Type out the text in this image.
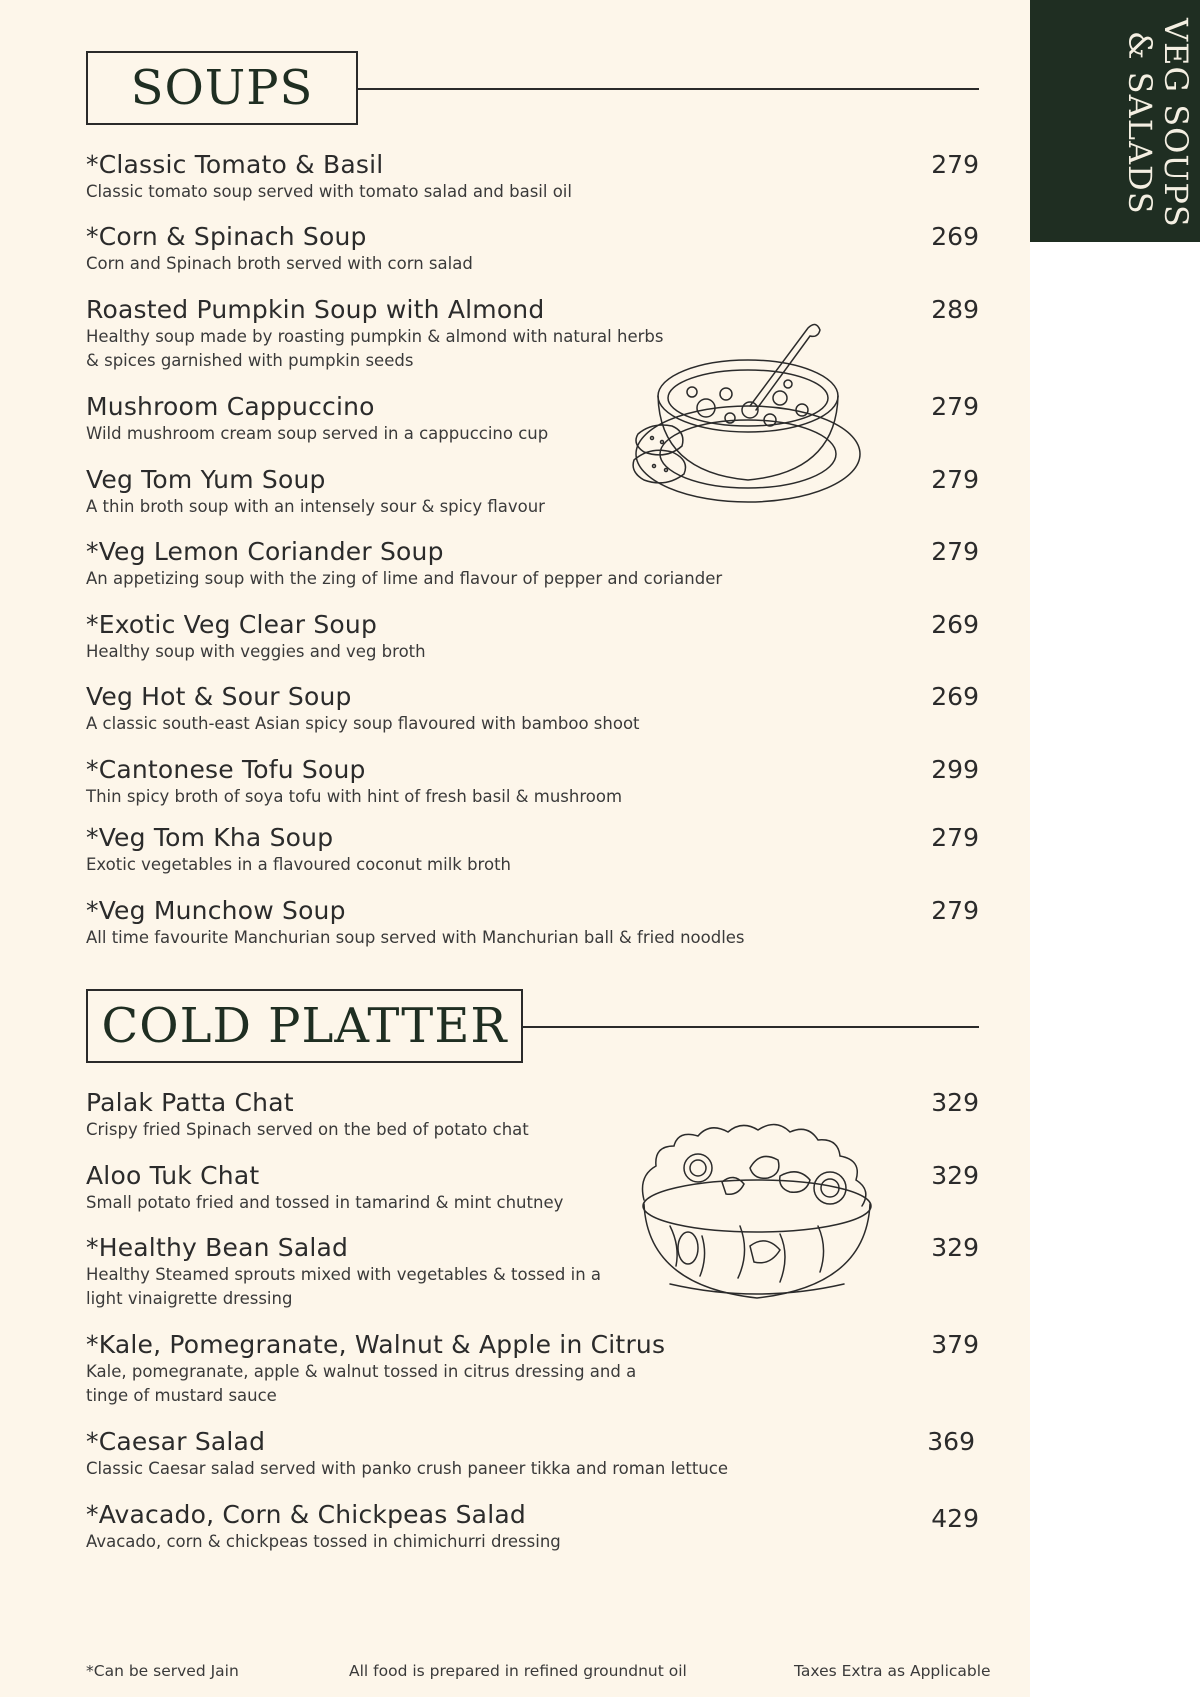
VEG SOUPS
& SALADS
SOUPS
*Classic Tomato & Basil
Classic tomato soup served with tomato salad and basil oil
279
*Corn & Spinach Soup
Corn and Spinach broth served with corn salad
269
Roasted Pumpkin Soup with Almond
Healthy soup made by roasting pumpkin & almond with natural herbs
& spices garnished with pumpkin seeds
289
Mushroom Cappuccino
Wild mushroom cream soup served in a cappuccino cup
279
Veg Tom Yum Soup
A thin broth soup with an intensely sour & spicy flavour
279
*Veg Lemon Coriander Soup
An appetizing soup with the zing of lime and flavour of pepper and coriander
279
*Exotic Veg Clear Soup
Healthy soup with veggies and veg broth
269
Veg Hot & Sour Soup
A classic south-east Asian spicy soup flavoured with bamboo shoot
269
*Cantonese Tofu Soup
Thin spicy broth of soya tofu with hint of fresh basil & mushroom
299
*Veg Tom Kha Soup
Exotic vegetables in a flavoured coconut milk broth
279
*Veg Munchow Soup
All time favourite Manchurian soup served with Manchurian ball & fried noodles
279
COLD PLATTER
Palak Patta Chat
Crispy fried Spinach served on the bed of potato chat
329
Aloo Tuk Chat
Small potato fried and tossed in tamarind & mint chutney
329
*Healthy Bean Salad
Healthy Steamed sprouts mixed with vegetables & tossed in a
light vinaigrette dressing
329
*Kale, Pomegranate, Walnut & Apple in Citrus
Kale, pomegranate, apple & walnut tossed in citrus dressing and a
tinge of mustard sauce
379
*Caesar Salad
Classic Caesar salad served with panko crush paneer tikka and roman lettuce
369
*Avacado, Corn & Chickpeas Salad
Avacado, corn & chickpeas tossed in chimichurri dressing
429
*Can be served Jain	All food is prepared in refined groundnut oil	Taxes Extra as Applicable
